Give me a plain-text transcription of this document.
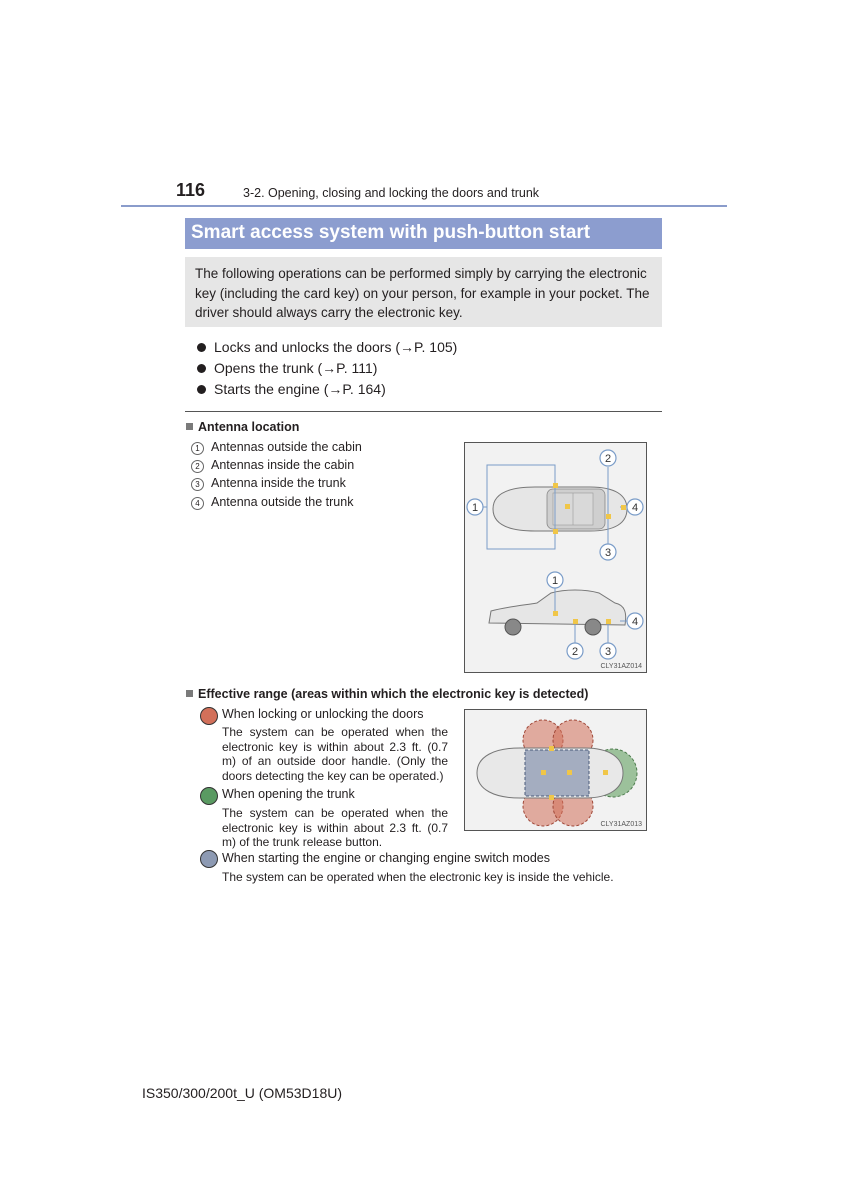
116	3-2. Opening, closing and locking the doors and trunk
Smart access system with push-button start

The following operations can be performed simply by carrying the electronic key (including the card key) on your person, for example in your pocket. The driver should always carry the electronic key.

Locks and unlocks the doors (→P. 105)
Opens the trunk (→P. 111)
Starts the engine (→P. 164)
Antenna location
1 Antennas outside the cabin
2 Antennas inside the cabin
3 Antenna inside the trunk
4 Antenna outside the trunk
2
1	4
3
1
2 3
4
CLY31AZ014
Effective range (areas within which the electronic key is detected)
When locking or unlocking the doors
The system can be operated when the electronic key is within about 2.3 ft. (0.7 m) of an outside door handle. (Only the doors detecting the key can be operated.)
When opening the trunk
The system can be operated when the electronic key is within about 2.3 ft. (0.7 m) of the trunk release button.
When starting the engine or changing engine switch modes
The system can be operated when the electronic key is inside the vehicle.
CLY31AZ013
IS350/300/200t_U (OM53D18U)
